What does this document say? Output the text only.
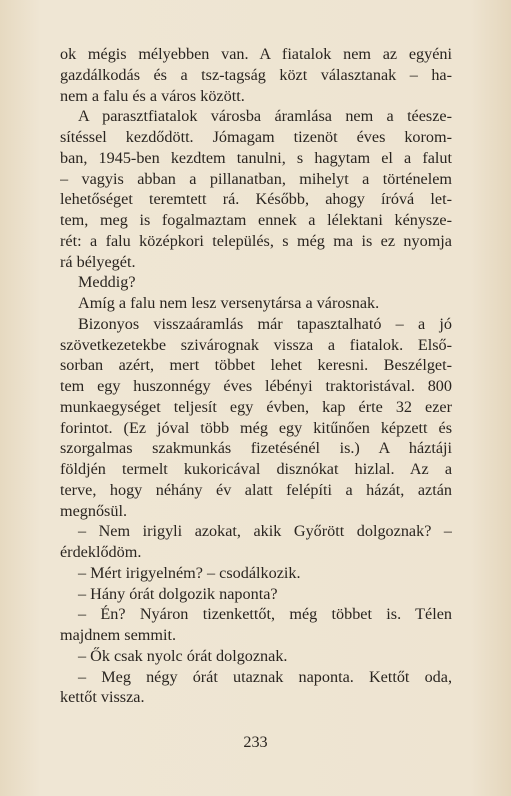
ok mégis mélyebben van. A fiatalok nem az egyéni
gazdálkodás és a tsz-tagság közt választanak – ha-
nem a falu és a város között.
A parasztfiatalok városba áramlása nem a téesze-
sítéssel kezdődött. Jómagam tizenöt éves korom-
ban, 1945-ben kezdtem tanulni, s hagytam el a falut
– vagyis abban a pillanatban, mihelyt a történelem
lehetőséget teremtett rá. Később, ahogy íróvá let-
tem, meg is fogalmaztam ennek a lélektani kénysze-
rét: a falu középkori település, s még ma is ez nyomja
rá bélyegét.
Meddig?
Amíg a falu nem lesz versenytársa a városnak.
Bizonyos visszaáramlás már tapasztalható – a jó
szövetkezetekbe szivárognak vissza a fiatalok. Első-
sorban azért, mert többet lehet keresni. Beszélget-
tem egy huszonnégy éves lébényi traktoristával. 800
munkaegységet teljesít egy évben, kap érte 32 ezer
forintot. (Ez jóval több még egy kitűnően képzett és
szorgalmas szakmunkás fizetésénél is.) A háztáji
földjén termelt kukoricával disznókat hizlal. Az a
terve, hogy néhány év alatt felépíti a házát, aztán
megnősül.
– Nem irigyli azokat, akik Győrött dolgoznak? –
érdeklődöm.
– Mért irigyelném? – csodálkozik.
– Hány órát dolgozik naponta?
– Én? Nyáron tizenkettőt, még többet is. Télen
majdnem semmit.
– Ők csak nyolc órát dolgoznak.
– Meg négy órát utaznak naponta. Kettőt oda,
kettőt vissza.
233
